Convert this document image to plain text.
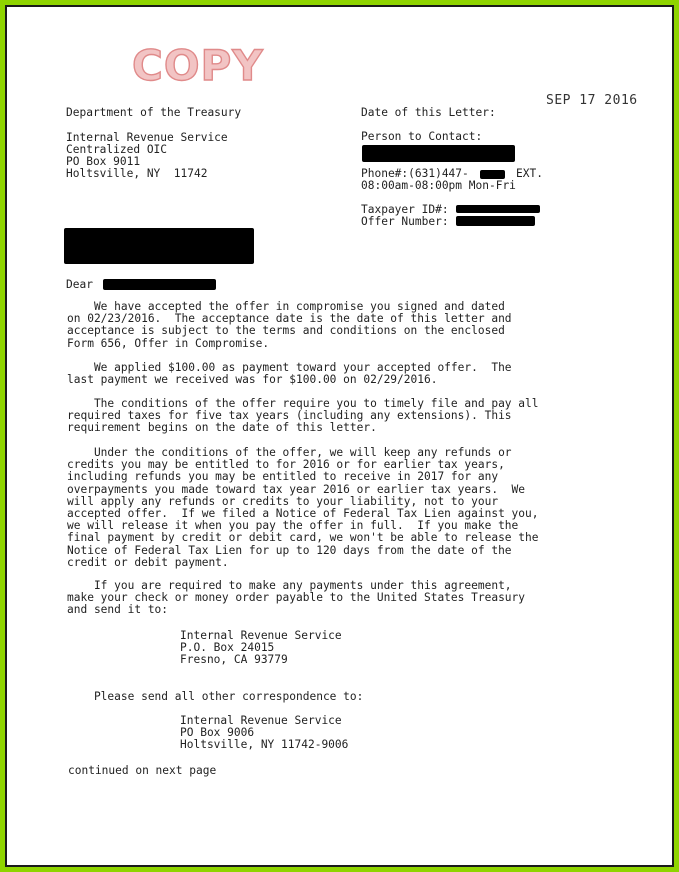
COPY
SEP 17 2016
Department of the Treasury
Internal Revenue Service
Centralized OIC
PO Box 9011
Holtsville, NY  11742
Date of this Letter:
Person to Contact:
Phone#:(631)447-	EXT.
08:00am-08:00pm Mon-Fri
Taxpayer ID#:
Offer Number:
Dear
We have accepted the offer in compromise you signed and dated
on 02/23/2016.  The acceptance date is the date of this letter and
acceptance is subject to the terms and conditions on the enclosed
Form 656, Offer in Compromise.
We applied $100.00 as payment toward your accepted offer.  The
last payment we received was for $100.00 on 02/29/2016.
The conditions of the offer require you to timely file and pay all
required taxes for five tax years (including any extensions). This
requirement begins on the date of this letter.
Under the conditions of the offer, we will keep any refunds or
credits you may be entitled to for 2016 or for earlier tax years,
including refunds you may be entitled to receive in 2017 for any
overpayments you made toward tax year 2016 or earlier tax years.  We
will apply any refunds or credits to your liability, not to your
accepted offer.  If we filed a Notice of Federal Tax Lien against you,
we will release it when you pay the offer in full.  If you make the
final payment by credit or debit card, we won't be able to release the
Notice of Federal Tax Lien for up to 120 days from the date of the
credit or debit payment.
If you are required to make any payments under this agreement,
make your check or money order payable to the United States Treasury
and send it to:
Internal Revenue Service
P.O. Box 24015
Fresno, CA 93779
Please send all other correspondence to:
Internal Revenue Service
PO Box 9006
Holtsville, NY 11742-9006
continued on next page
